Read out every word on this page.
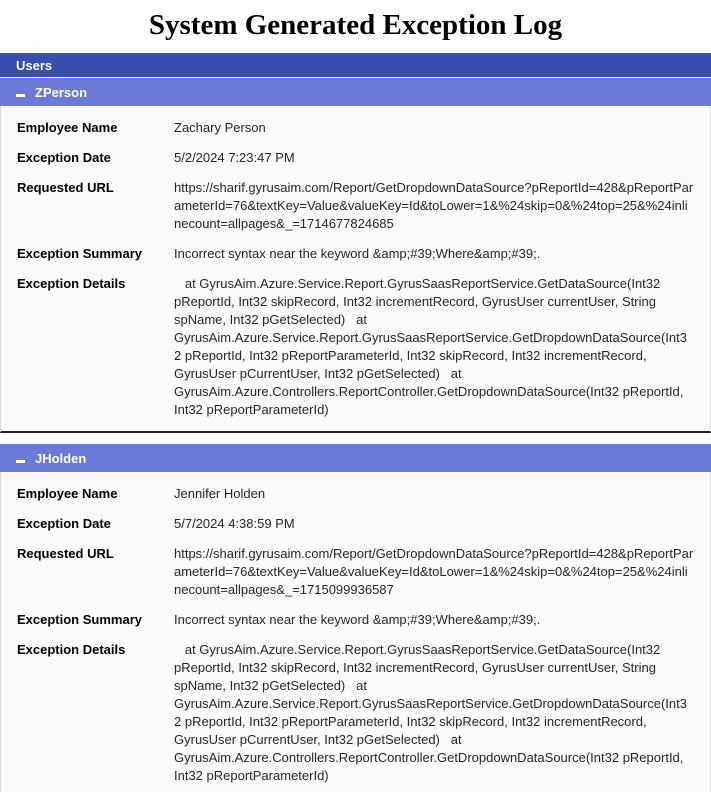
System Generated Exception Log
Users
ZPerson
Employee Name	Zachary Person
Exception Date	5/2/2024 7:23:47 PM
Requested URL	https://sharif.gyrusaim.com/Report/GetDropdownDataSource?pReportId=428&pReportParameterId=76&textKey=Value&valueKey=Id&toLower=1&%24skip=0&%24top=25&%24inlinecount=allpages&_=1714677824685
Exception Summary	Incorrect syntax near the keyword &amp;#39;Where&amp;#39;.
Exception Details	at GyrusAim.Azure.Service.Report.GyrusSaasReportService.GetDataSource(Int32 pReportId, Int32 skipRecord, Int32 incrementRecord, GyrusUser currentUser, String spName, Int32 pGetSelected)   at GyrusAim.Azure.Service.Report.GyrusSaasReportService.GetDropdownDataSource(Int32 pReportId, Int32 pReportParameterId, Int32 skipRecord, Int32 incrementRecord, GyrusUser pCurrentUser, Int32 pGetSelected)   at GyrusAim.Azure.Controllers.ReportController.GetDropdownDataSource(Int32 pReportId, Int32 pReportParameterId)
JHolden
Employee Name	Jennifer Holden
Exception Date	5/7/2024 4:38:59 PM
Requested URL	https://sharif.gyrusaim.com/Report/GetDropdownDataSource?pReportId=428&pReportParameterId=76&textKey=Value&valueKey=Id&toLower=1&%24skip=0&%24top=25&%24inlinecount=allpages&_=1715099936587
Exception Summary	Incorrect syntax near the keyword &amp;#39;Where&amp;#39;.
Exception Details	at GyrusAim.Azure.Service.Report.GyrusSaasReportService.GetDataSource(Int32 pReportId, Int32 skipRecord, Int32 incrementRecord, GyrusUser currentUser, String spName, Int32 pGetSelected)   at GyrusAim.Azure.Service.Report.GyrusSaasReportService.GetDropdownDataSource(Int32 pReportId, Int32 pReportParameterId, Int32 skipRecord, Int32 incrementRecord, GyrusUser pCurrentUser, Int32 pGetSelected)   at GyrusAim.Azure.Controllers.ReportController.GetDropdownDataSource(Int32 pReportId, Int32 pReportParameterId)
